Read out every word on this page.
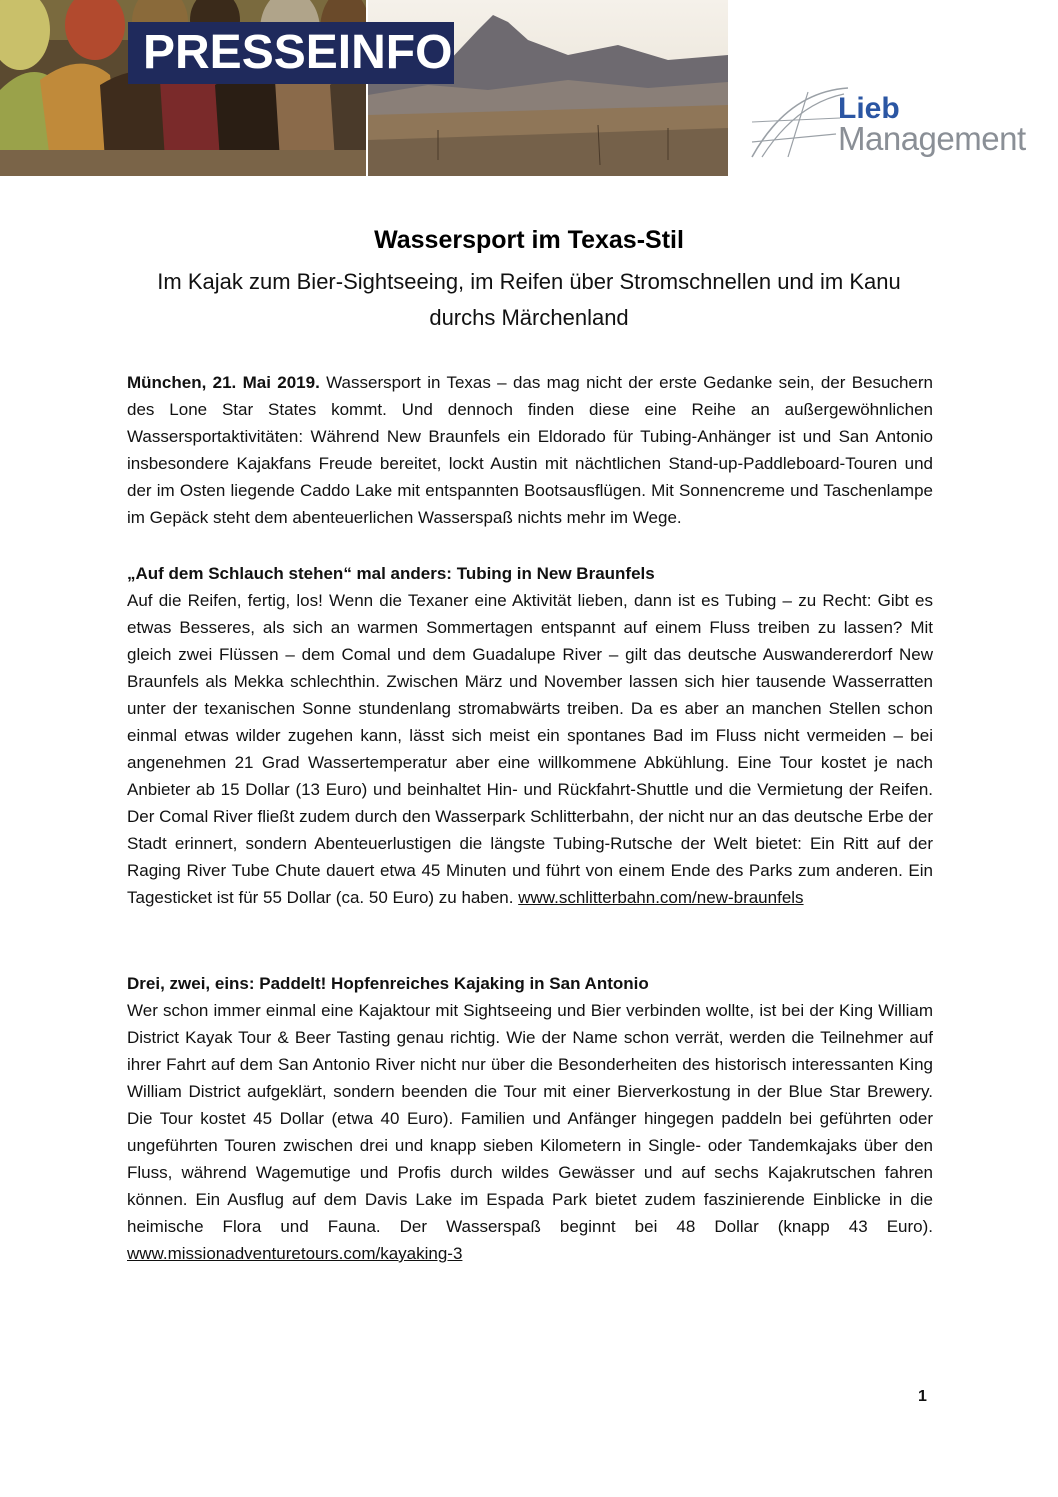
PRESSEINFO
Lieb
Management
Wassersport im Texas-Stil
Im Kajak zum Bier-Sightseeing, im Reifen über Stromschnellen und im Kanu durchs Märchenland

München, 21. Mai 2019. Wassersport in Texas – das mag nicht der erste Gedanke sein, der Besuchern des Lone Star States kommt. Und dennoch finden diese eine Reihe an außergewöhnlichen Wassersportaktivitäten: Während New Braunfels ein Eldorado für Tubing-Anhänger ist und San Antonio insbesondere Kajakfans Freude bereitet, lockt Austin mit nächtlichen Stand-up-Paddleboard-Touren und der im Osten liegende Caddo Lake mit entspannten Bootsausflügen. Mit Sonnencreme und Taschenlampe im Gepäck steht dem abenteuerlichen Wasserspaß nichts mehr im Wege.

„Auf dem Schlauch stehen“ mal anders: Tubing in New Braunfels

Auf die Reifen, fertig, los! Wenn die Texaner eine Aktivität lieben, dann ist es Tubing – zu Recht: Gibt es etwas Besseres, als sich an warmen Sommertagen entspannt auf einem Fluss treiben zu lassen? Mit gleich zwei Flüssen – dem Comal und dem Guadalupe River – gilt das deutsche Auswandererdorf New Braunfels als Mekka schlechthin. Zwischen März und November lassen sich hier tausende Wasserratten unter der texanischen Sonne stundenlang stromabwärts treiben. Da es aber an manchen Stellen schon einmal etwas wilder zugehen kann, lässt sich meist ein spontanes Bad im Fluss nicht vermeiden – bei angenehmen 21 Grad Wassertemperatur aber eine willkommene Abkühlung. Eine Tour kostet je nach Anbieter ab 15 Dollar (13 Euro) und beinhaltet Hin- und Rückfahrt-Shuttle und die Vermietung der Reifen. Der Comal River fließt zudem durch den Wasserpark Schlitterbahn, der nicht nur an das deutsche Erbe der Stadt erinnert, sondern Abenteuerlustigen die längste Tubing-Rutsche der Welt bietet: Ein Ritt auf der Raging River Tube Chute dauert etwa 45 Minuten und führt von einem Ende des Parks zum anderen. Ein Tagesticket ist für 55 Dollar (ca. 50 Euro) zu haben. www.schlitterbahn.com/new-braunfels

Drei, zwei, eins: Paddelt! Hopfenreiches Kajaking in San Antonio

Wer schon immer einmal eine Kajaktour mit Sightseeing und Bier verbinden wollte, ist bei der King William District Kayak Tour & Beer Tasting genau richtig. Wie der Name schon verrät, werden die Teilnehmer auf ihrer Fahrt auf dem San Antonio River nicht nur über die Besonderheiten des historisch interessanten King William District aufgeklärt, sondern beenden die Tour mit einer Bierverkostung in der Blue Star Brewery. Die Tour kostet 45 Dollar (etwa 40 Euro). Familien und Anfänger hingegen paddeln bei geführten oder ungeführten Touren zwischen drei und knapp sieben Kilometern in Single- oder Tandemkajaks über den Fluss, während Wagemutige und Profis durch wildes Gewässer und auf sechs Kajakrutschen fahren können. Ein Ausflug auf dem Davis Lake im Espada Park bietet zudem faszinierende Einblicke in die heimische Flora und Fauna. Der Wasserspaß beginnt bei 48 Dollar (knapp 43 Euro). www.missionadventuretours.com/kayaking-3

1
